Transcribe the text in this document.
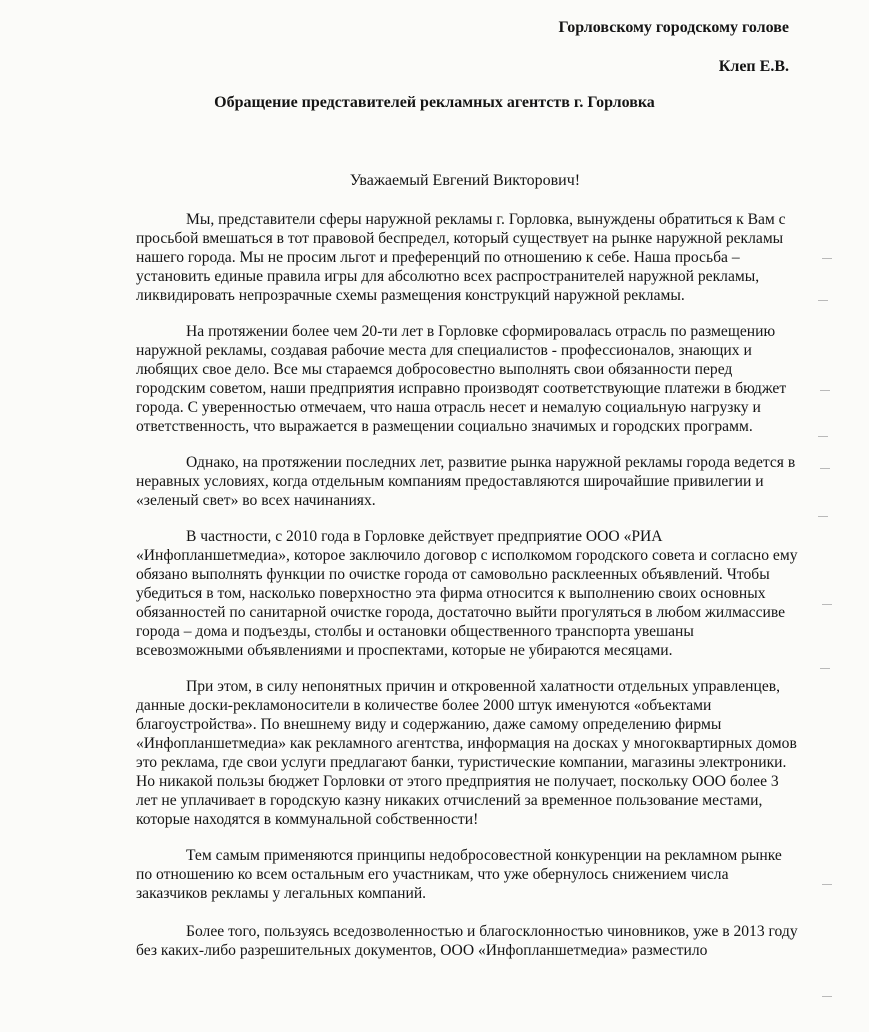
Горловскому городскому голове
Клеп Е.В.
Обращение представителей рекламных агентств г. Горловка
Уважаемый Евгений Викторович!

Мы, представители сферы наружной рекламы г. Горловка, вынуждены обратиться к Вам с просьбой вмешаться в тот правовой беспредел, который существует на рынке наружной рекламы нашего города. Мы не просим льгот и преференций по отношению к себе. Наша просьба – установить единые правила игры для абсолютно всех распространителей наружной рекламы, ликвидировать непрозрачные схемы размещения конструкций наружной рекламы.

На протяжении более чем 20-ти лет в Горловке сформировалась отрасль по размещению наружной рекламы, создавая рабочие места для специалистов - профессионалов, знающих и любящих свое дело. Все мы стараемся добросовестно выполнять свои обязанности перед городским советом, наши предприятия исправно производят соответствующие платежи в бюджет города. С уверенностью отмечаем, что наша отрасль несет и немалую социальную нагрузку и ответственность, что выражается в размещении социально значимых и городских программ.

Однако, на протяжении последних лет, развитие рынка наружной рекламы города ведется в неравных условиях, когда отдельным компаниям предоставляются широчайшие привилегии и «зеленый свет» во всех начинаниях.

В частности, с 2010 года в Горловке действует предприятие ООО «РИА «Инфопланшетмедиа», которое заключило договор с исполкомом городского совета и согласно ему обязано выполнять функции по очистке города от самовольно расклеенных объявлений. Чтобы убедиться в том, насколько поверхностно эта фирма относится к выполнению своих основных обязанностей по санитарной очистке города, достаточно выйти прогуляться в любом жилмассиве города – дома и подъезды, столбы и остановки общественного транспорта увешаны всевозможными объявлениями и проспектами, которые не убираются месяцами.

При этом, в силу непонятных причин и откровенной халатности отдельных управленцев, данные доски-рекламоносители в количестве более 2000 штук именуются «объектами благоустройства». По внешнему виду и содержанию, даже самому определению фирмы «Инфопланшетмедиа» как рекламного агентства, информация на досках у многоквартирных домов это реклама, где свои услуги предлагают банки, туристические компании, магазины электроники. Но никакой пользы бюджет Горловки от этого предприятия не получает, поскольку ООО более 3 лет не уплачивает в городскую казну никаких отчислений за временное пользование местами, которые находятся в коммунальной собственности!

Тем самым применяются принципы недобросовестной конкуренции на рекламном рынке по отношению ко всем остальным его участникам, что уже обернулось снижением числа заказчиков рекламы у легальных компаний.

Более того, пользуясь вседозволенностью и благосклонностью чиновников, уже в 2013 году без каких-либо разрешительных документов, ООО «Инфопланшетмедиа» разместило
